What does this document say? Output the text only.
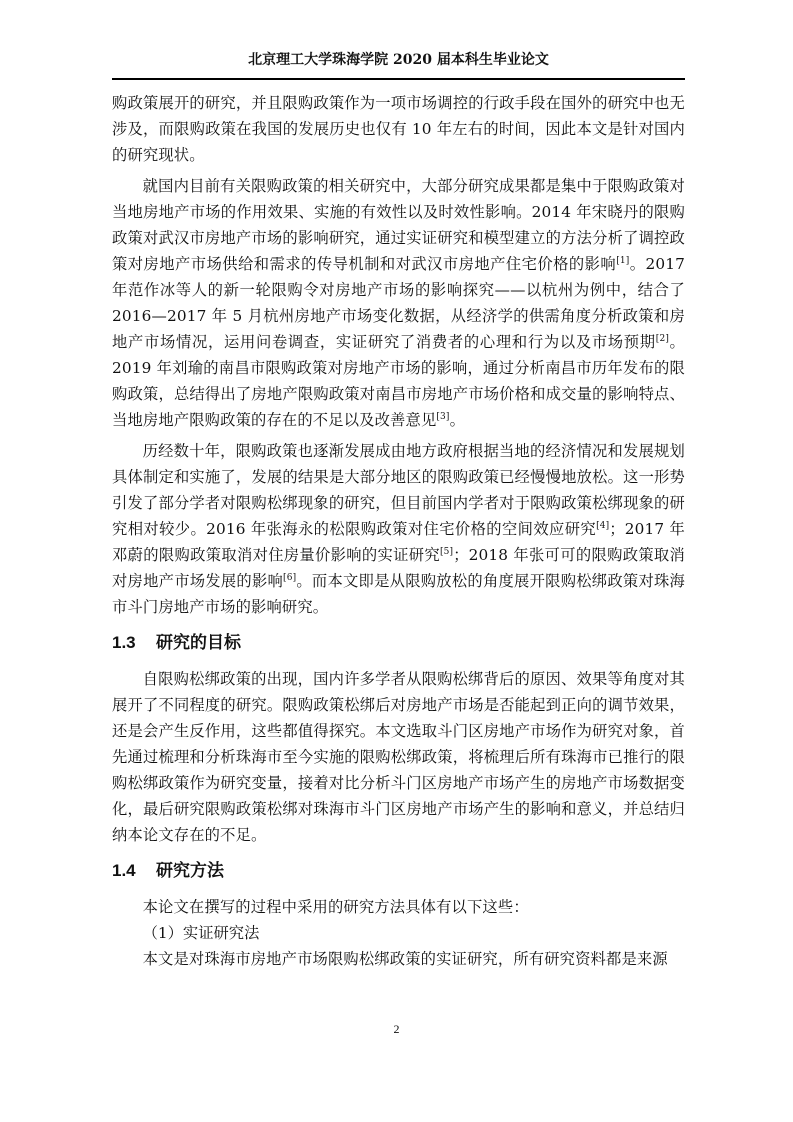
北京理工大学珠海学院 2020 届本科生毕业论文

购政策展开的研究，并且限购政策作为一项市场调控的行政手段在国外的研究中也无涉及，而限购政策在我国的发展历史也仅有 10 年左右的时间，因此本文是针对国内的研究现状。

就国内目前有关限购政策的相关研究中，大部分研究成果都是集中于限购政策对当地房地产市场的作用效果、实施的有效性以及时效性影响。2014 年宋晓丹的限购政策对武汉市房地产市场的影响研究，通过实证研究和模型建立的方法分析了调控政策对房地产市场供给和需求的传导机制和对武汉市房地产住宅价格的影响[1]。2017 年范作冰等人的新一轮限购令对房地产市场的影响探究——以杭州为例中，结合了 2016—2017 年 5 月杭州房地产市场变化数据，从经济学的供需角度分析政策和房地产市场情况，运用问卷调查，实证研究了消费者的心理和行为以及市场预期[2]。2019 年刘瑜的南昌市限购政策对房地产市场的影响，通过分析南昌市历年发布的限购政策，总结得出了房地产限购政策对南昌市房地产市场价格和成交量的影响特点、当地房地产限购政策的存在的不足以及改善意见[3]。

历经数十年，限购政策也逐渐发展成由地方政府根据当地的经济情况和发展规划具体制定和实施了，发展的结果是大部分地区的限购政策已经慢慢地放松。这一形势引发了部分学者对限购松绑现象的研究，但目前国内学者对于限购政策松绑现象的研究相对较少。2016 年张海永的松限购政策对住宅价格的空间效应研究[4]；2017 年邓蔚的限购政策取消对住房量价影响的实证研究[5]；2018 年张可可的限购政策取消对房地产市场发展的影响[6]。而本文即是从限购放松的角度展开限购松绑政策对珠海市斗门房地产市场的影响研究。

1.3 研究的目标

自限购松绑政策的出现，国内许多学者从限购松绑背后的原因、效果等角度对其展开了不同程度的研究。限购政策松绑后对房地产市场是否能起到正向的调节效果，还是会产生反作用，这些都值得探究。本文选取斗门区房地产市场作为研究对象，首先通过梳理和分析珠海市至今实施的限购松绑政策，将梳理后所有珠海市已推行的限购松绑政策作为研究变量，接着对比分析斗门区房地产市场产生的房地产市场数据变化，最后研究限购政策松绑对珠海市斗门区房地产市场产生的影响和意义，并总结归纳本论文存在的不足。

1.4 研究方法

本论文在撰写的过程中采用的研究方法具体有以下这些：

（1）实证研究法

本文是对珠海市房地产市场限购松绑政策的实证研究，所有研究资料都是来源

2
